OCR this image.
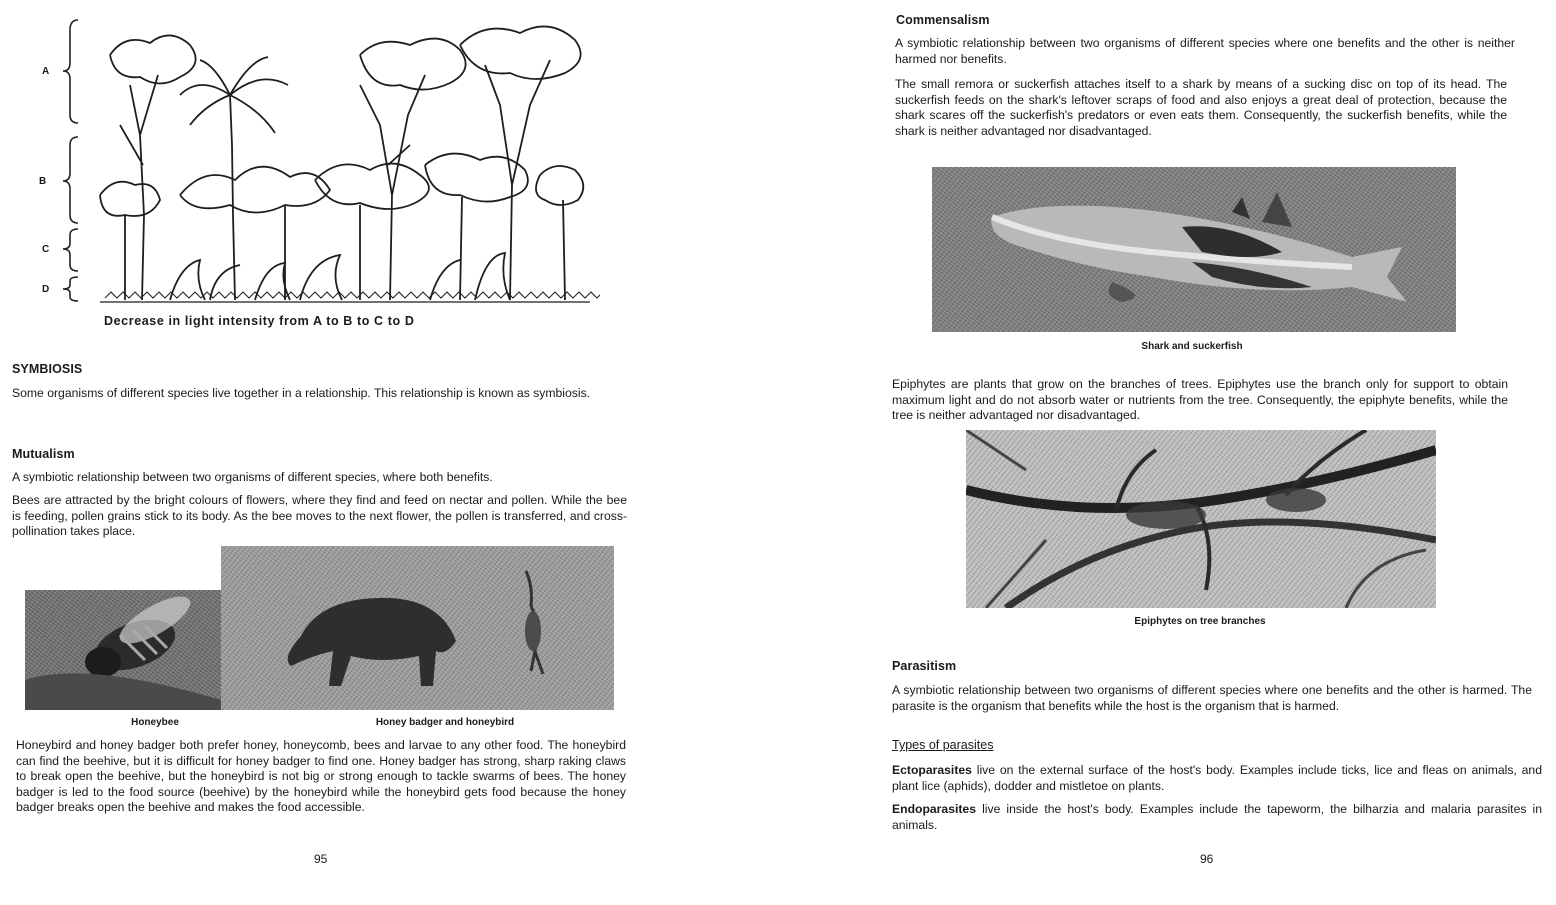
A
B
C
D
Decrease in light intensity from A to B to C to D
SYMBIOSIS
Some organisms of different species live together in a relationship. This relationship is known as symbiosis.
Mutualism
A symbiotic relationship between two organisms of different species, where both benefits.
Bees are attracted by the bright colours of flowers, where they find and feed on nectar and pollen. While the bee is feeding, pollen grains stick to its body. As the bee moves to the next flower, the pollen is transferred, and cross-pollination takes place.
Honeybee	Honey badger and honeybird
Honeybird and honey badger both prefer honey, honeycomb, bees and larvae to any other food. The honeybird can find the beehive, but it is difficult for honey badger to find one. Honey badger has strong, sharp raking claws to break open the beehive, but the honeybird is not big or strong enough to tackle swarms of bees. The honey badger is led to the food source (beehive) by the honeybird while the honeybird gets food because the honey badger breaks open the beehive and makes the food accessible.
95
Commensalism
A symbiotic relationship between two organisms of different species where one benefits and the other is neither harmed nor benefits.
The small remora or suckerfish attaches itself to a shark by means of a sucking disc on top of its head. The suckerfish feeds on the shark's leftover scraps of food and also enjoys a great deal of protection, because the shark scares off the suckerfish's predators or even eats them. Consequently, the suckerfish benefits, while the shark is neither advantaged nor disadvantaged.
Shark and suckerfish
Epiphytes are plants that grow on the branches of trees. Epiphytes use the branch only for support to obtain maximum light and do not absorb water or nutrients from the tree. Consequently, the epiphyte benefits, while the tree is neither advantaged nor disadvantaged.
Epiphytes on tree branches
Parasitism
A symbiotic relationship between two organisms of different species where one benefits and the other is harmed. The parasite is the organism that benefits while the host is the organism that is harmed.
Types of parasites
Ectoparasites live on the external surface of the host's body. Examples include ticks, lice and fleas on animals, and plant lice (aphids), dodder and mistletoe on plants.
Endoparasites live inside the host's body. Examples include the tapeworm, the bilharzia and malaria parasites in animals.
96
